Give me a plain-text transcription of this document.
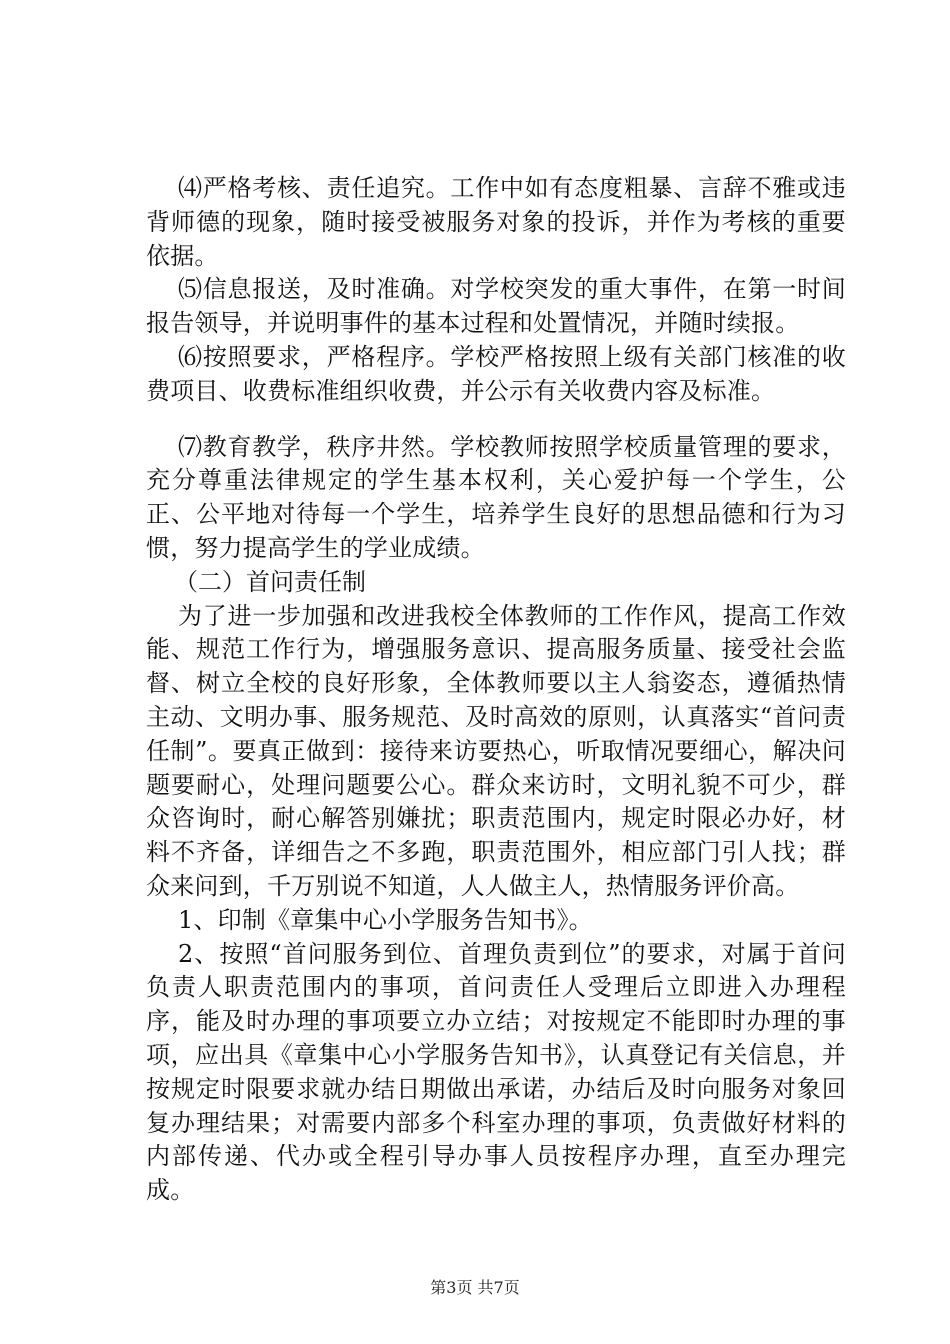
⑷严格考核、责任追究。工作中如有态度粗暴、言辞不雅或违背师德的现象，随时接受被服务对象的投诉，并作为考核的重要依据。

⑸信息报送，及时准确。对学校突发的重大事件，在第一时间报告领导，并说明事件的基本过程和处置情况，并随时续报。

⑹按照要求，严格程序。学校严格按照上级有关部门核准的收费项目、收费标准组织收费，并公示有关收费内容及标准。

⑺教育教学，秩序井然。学校教师按照学校质量管理的要求，充分尊重法律规定的学生基本权利，关心爱护每一个学生，公正、公平地对待每一个学生，培养学生良好的思想品德和行为习惯，努力提高学生的学业成绩。

（二）首问责任制

为了进一步加强和改进我校全体教师的工作作风，提高工作效能、规范工作行为，增强服务意识、提高服务质量、接受社会监督、树立全校的良好形象，全体教师要以主人翁姿态，遵循热情主动、文明办事、服务规范、及时高效的原则，认真落实“首问责任制”。要真正做到：接待来访要热心，听取情况要细心，解决问题要耐心，处理问题要公心。群众来访时，文明礼貌不可少，群众咨询时，耐心解答别嫌扰；职责范围内，规定时限必办好，材料不齐备，详细告之不多跑，职责范围外，相应部门引人找；群众来问到，千万别说不知道，人人做主人，热情服务评价高。

1、印制《章集中心小学服务告知书》。

2、按照“首问服务到位、首理负责到位”的要求，对属于首问负责人职责范围内的事项，首问责任人受理后立即进入办理程序，能及时办理的事项要立办立结；对按规定不能即时办理的事项，应出具《章集中心小学服务告知书》，认真登记有关信息，并按规定时限要求就办结日期做出承诺，办结后及时向服务对象回复办理结果；对需要内部多个科室办理的事项，负责做好材料的内部传递、代办或全程引导办事人员按程序办理，直至办理完成。

第3页 共7页
